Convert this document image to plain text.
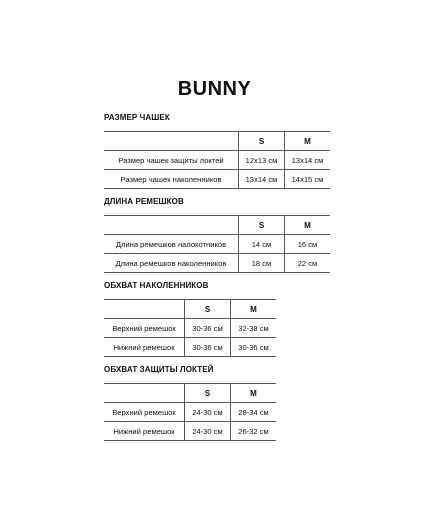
BUNNY
РАЗМЕР ЧАШЕК
	S	M
Размер чашек защиты локтей	12x13 см	13x14 см
Размер чашек наколенников	13x14 см	14x15 см
ДЛИНА РЕМЕШКОВ
	S	M
Длина ремешков налокотников	14 см	16 см
Длина ремешков наколенников	18 см	22 см
ОБХВАТ НАКОЛЕННИКОВ
	S	M
Верхний ремешок	30-36 см	32-38 см
Нижний ремешок	30-36 см	30-36 см
ОБХВАТ ЗАЩИТЫ ЛОКТЕЙ
	S	M
Верхний ремешок	24-30 см	28-34 см
Нижний ремешок	24-30 см	26-32 см
